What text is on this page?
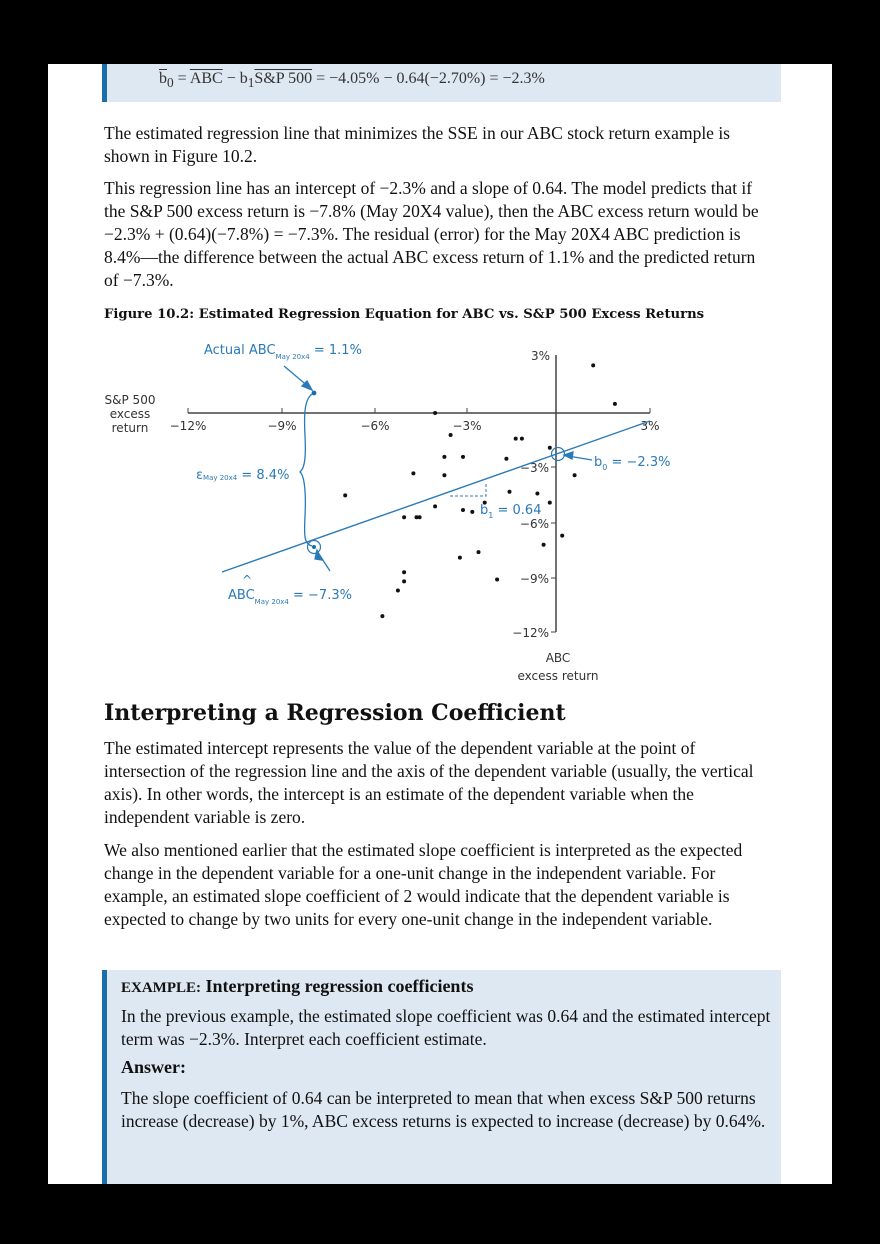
$\overline{b}_0 = \overline{ABC}$ − $b_1S\&P$ 500 = −4.05% − 0.64(−2.70%) = −2.3%

The estimated regression line that minimizes the SSE in our ABC stock return example is shown in Figure 10.2.

This regression line has an intercept of −2.3% and a slope of 0.64. The model predicts that if the S&P 500 excess return is −7.8% (May 20X4 value), then the ABC excess return would be −2.3% + (0.64)(−7.8%) = −7.3%. The residual (error) for the May 20X4 ABC prediction is 8.4%—the difference between the actual ABC excess return of 1.1% and the predicted return of −7.3%.

Figure 10.2: Estimated Regression Equation for ABC vs. S&P 500 Excess Returns
−12%	−9%	−6%	−3%	3%
3%
−3%
−6%
−9%
−12%
S&P 500
excess
return
ABC
excess return
Actual $ABC_{May 20x4} = 1.1\%$
εMay 20x4 = 8.4%
$ABC_{May 20x4} = -7.3\%$
^
$b_0 = -2.3\%$
$b_1 = 0.64$
Interpreting a Regression Coefficient

The estimated intercept represents the value of the dependent variable at the point of intersection of the regression line and the axis of the dependent variable (usually, the vertical axis). In other words, the intercept is an estimate of the dependent variable when the independent variable is zero.

We also mentioned earlier that the estimated slope coefficient is interpreted as the expected change in the dependent variable for a one-unit change in the independent variable. For example, an estimated slope coefficient of 2 would indicate that the dependent variable is expected to change by two units for every one-unit change in the independent variable.

EXAMPLE: Interpreting regression coefficients

In the previous example, the estimated slope coefficient was 0.64 and the estimated intercept term was −2.3%. Interpret each coefficient estimate.

Answer:

The slope coefficient of 0.64 can be interpreted to mean that when excess S&P 500 returns increase (decrease) by 1%, ABC excess returns is expected to increase (decrease) by 0.64%.
